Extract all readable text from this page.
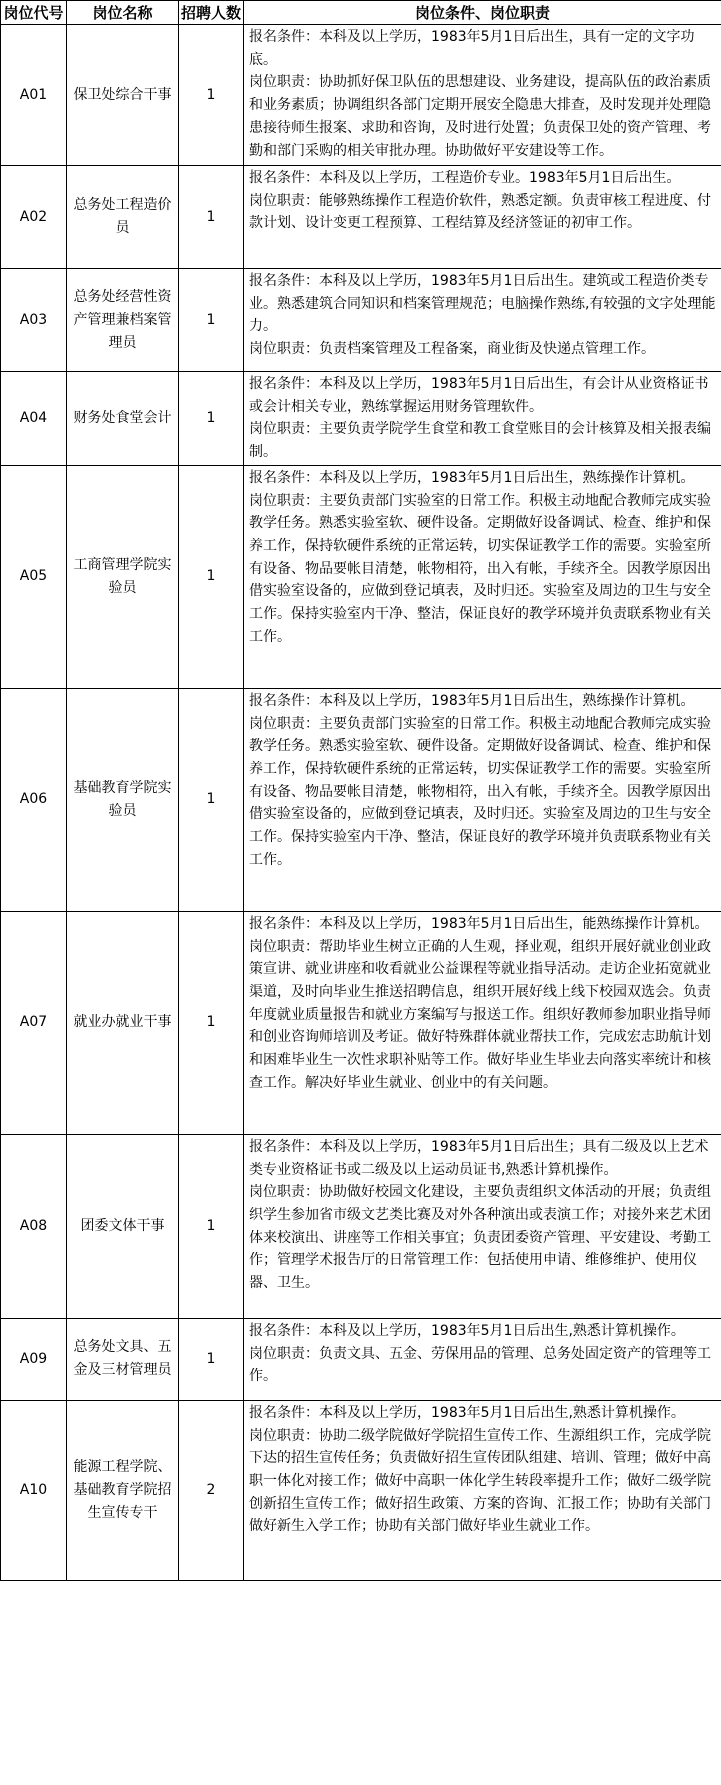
岗位代号	岗位名称	招聘人数	岗位条件、岗位职责
A01	保卫处综合干事	1	报名条件：本科及以上学历，1983年5月1日后出生，具有一定的文字功底。

岗位职责：协助抓好保卫队伍的思想建设、业务建设，提高队伍的政治素质和业务素质；协调组织各部门定期开展安全隐患大排查，及时发现并处理隐患接待师生报案、求助和咨询，及时进行处置；负责保卫处的资产管理、考勤和部门采购的相关审批办理。协助做好平安建设等工作。

A02	总务处工程造价员	1	报名条件：本科及以上学历，工程造价专业。1983年5月1日后出生。

岗位职责：能够熟练操作工程造价软件，熟悉定额。负责审核工程进度、付款计划、设计变更工程预算、工程结算及经济签证的初审工作。

A03	总务处经营性资产管理兼档案管理员	1	报名条件：本科及以上学历，1983年5月1日后出生。建筑或工程造价类专业。熟悉建筑合同知识和档案管理规范；电脑操作熟练,有较强的文字处理能力。

岗位职责：负责档案管理及工程备案，商业街及快递点管理工作。

A04	财务处食堂会计	1	报名条件：本科及以上学历，1983年5月1日后出生，有会计从业资格证书或会计相关专业，熟练掌握运用财务管理软件。

岗位职责：主要负责学院学生食堂和教工食堂账目的会计核算及相关报表编制。

A05	工商管理学院实验员	1	报名条件：本科及以上学历，1983年5月1日后出生，熟练操作计算机。

岗位职责：主要负责部门实验室的日常工作。积极主动地配合教师完成实验教学任务。熟悉实验室软、硬件设备。定期做好设备调试、检查、维护和保养工作，保持软硬件系统的正常运转，切实保证教学工作的需要。实验室所有设备、物品要帐目清楚，帐物相符，出入有帐，手续齐全。因教学原因出借实验室设备的，应做到登记填表，及时归还。实验室及周边的卫生与安全工作。保持实验室内干净、整洁，保证良好的教学环境并负责联系物业有关工作。

A06	基础教育学院实验员	1	报名条件：本科及以上学历，1983年5月1日后出生，熟练操作计算机。

岗位职责：主要负责部门实验室的日常工作。积极主动地配合教师完成实验教学任务。熟悉实验室软、硬件设备。定期做好设备调试、检查、维护和保养工作，保持软硬件系统的正常运转，切实保证教学工作的需要。实验室所有设备、物品要帐目清楚，帐物相符，出入有帐，手续齐全。因教学原因出借实验室设备的，应做到登记填表，及时归还。实验室及周边的卫生与安全工作。保持实验室内干净、整洁，保证良好的教学环境并负责联系物业有关工作。

A07	就业办就业干事	1	报名条件：本科及以上学历，1983年5月1日后出生，能熟练操作计算机。

岗位职责：帮助毕业生树立正确的人生观，择业观，组织开展好就业创业政策宣讲、就业讲座和收看就业公益课程等就业指导活动。走访企业拓宽就业渠道，及时向毕业生推送招聘信息，组织开展好线上线下校园双选会。负责年度就业质量报告和就业方案编写与报送工作。组织好教师参加职业指导师和创业咨询师培训及考证。做好特殊群体就业帮扶工作，完成宏志助航计划和困难毕业生一次性求职补贴等工作。做好毕业生毕业去向落实率统计和核查工作。解决好毕业生就业、创业中的有关问题。

A08	团委文体干事	1	报名条件：本科及以上学历，1983年5月1日后出生；具有二级及以上艺术类专业资格证书或二级及以上运动员证书,熟悉计算机操作。

岗位职责：协助做好校园文化建设，主要负责组织文体活动的开展；负责组织学生参加省市级文艺类比赛及对外各种演出或表演工作；对接外来艺术团体来校演出、讲座等工作相关事宜；负责团委资产管理、平安建设、考勤工作；管理学术报告厅的日常管理工作：包括使用申请、维修维护、使用仪器、卫生。

A09	总务处文具、五金及三材管理员	1	报名条件：本科及以上学历，1983年5月1日后出生,熟悉计算机操作。

岗位职责：负责文具、五金、劳保用品的管理、总务处固定资产的管理等工作。

A10	能源工程学院、基础教育学院招生宣传专干	2	报名条件：本科及以上学历，1983年5月1日后出生,熟悉计算机操作。

岗位职责：协助二级学院做好学院招生宣传工作、生源组织工作，完成学院下达的招生宣传任务；负责做好招生宣传团队组建、培训、管理；做好中高职一体化对接工作；做好中高职一体化学生转段率提升工作；做好二级学院创新招生宣传工作；做好招生政策、方案的咨询、汇报工作；协助有关部门做好新生入学工作；协助有关部门做好毕业生就业工作。
